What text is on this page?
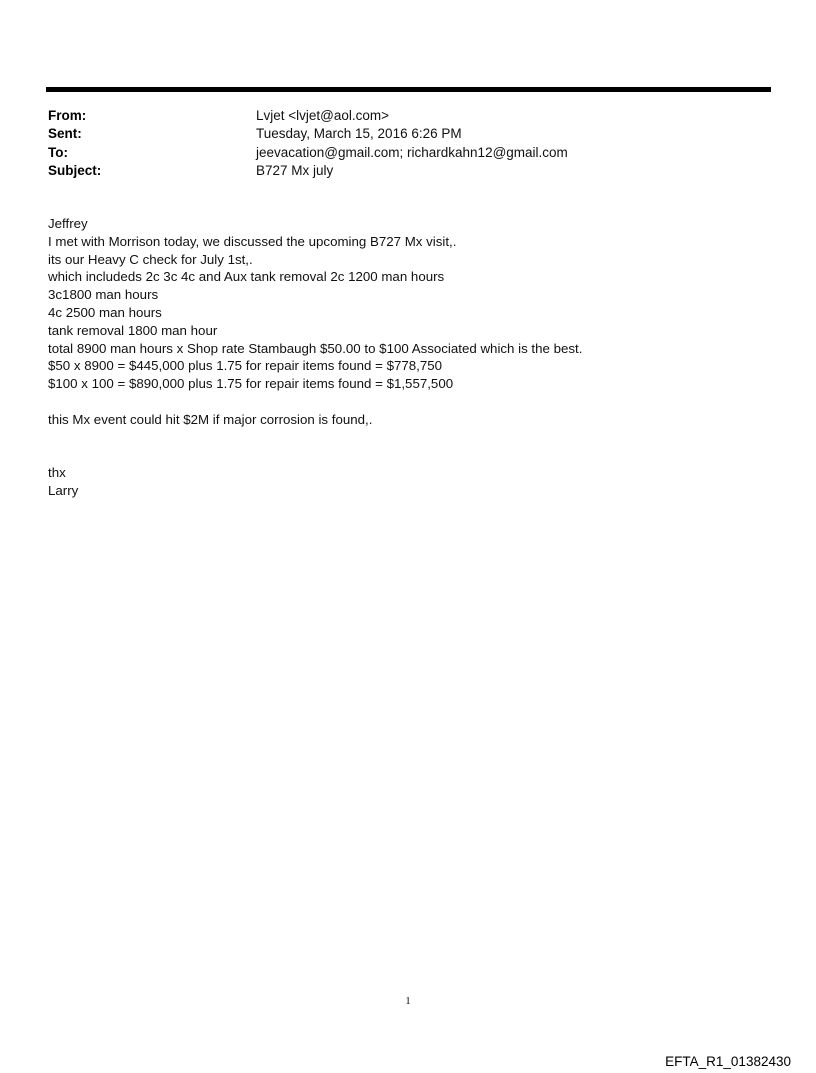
From:	Lvjet <lvjet@aol.com>
Sent:	Tuesday, March 15, 2016 6:26 PM
To:	jeevacation@gmail.com; richardkahn12@gmail.com
Subject:	B727 Mx july
Jeffrey
I met with Morrison today, we discussed the upcoming B727 Mx visit,.
its our Heavy C check for July 1st,.
which includeds 2c 3c 4c and Aux tank removal 2c 1200 man hours
3c1800 man hours
4c 2500 man hours
tank removal 1800 man hour
total 8900 man hours x Shop rate Stambaugh $50.00 to $100 Associated which is the best.
$50 x 8900 = $445,000 plus 1.75 for repair items found = $778,750
$100 x 100 = $890,000 plus 1.75 for repair items found = $1,557,500
this Mx event could hit $2M if major corrosion is found,.
thx
Larry
1
EFTA_R1_01382430
